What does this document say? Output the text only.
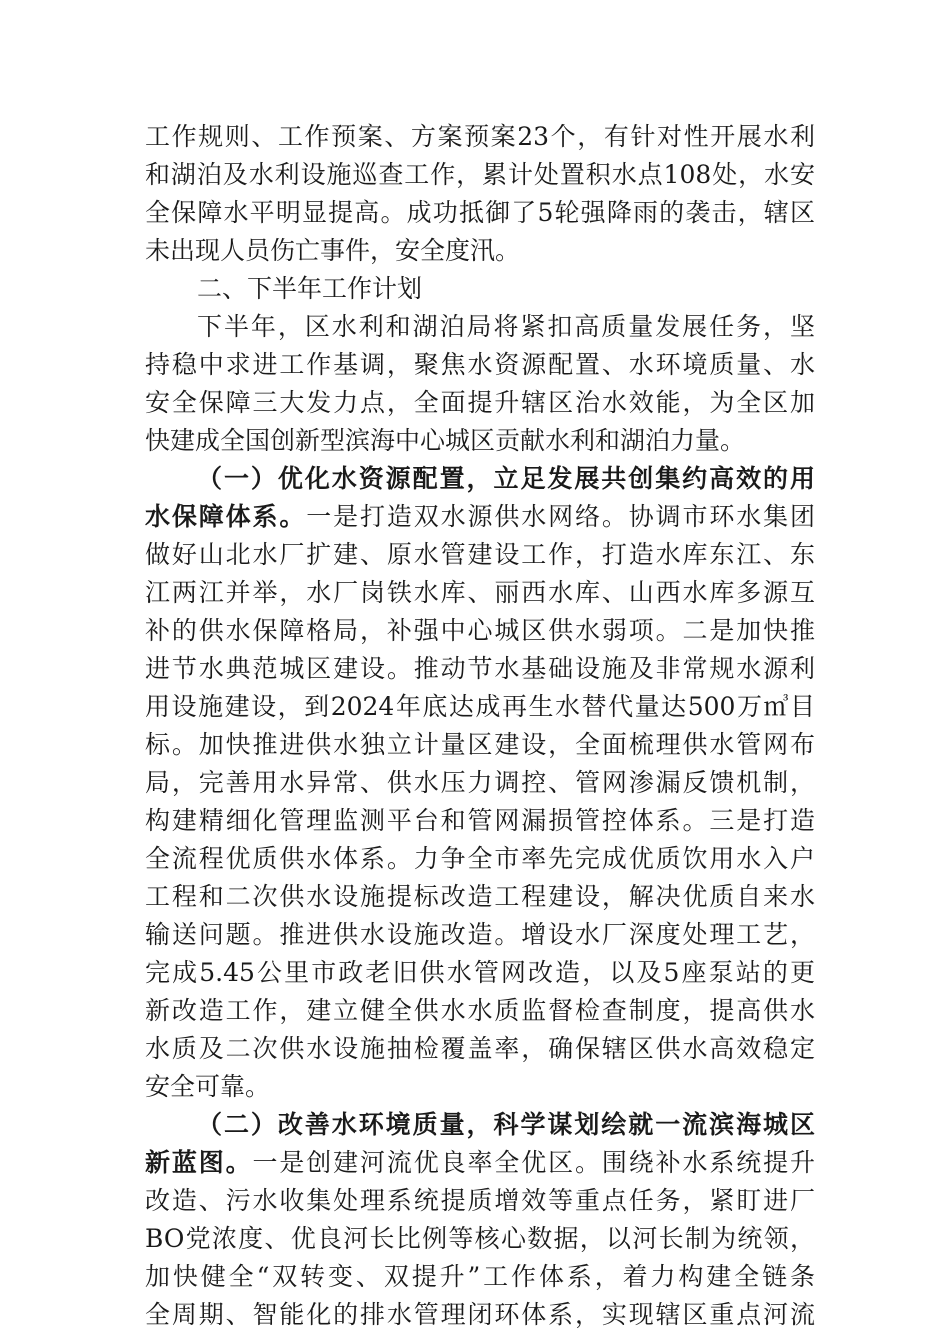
工作规则、工作预案、方案预案23个，有针对性开展水利
和湖泊及水利设施巡查工作，累计处置积水点108处，水安
全保障水平明显提高。成功抵御了5轮强降雨的袭击，辖区
未出现人员伤亡事件，安全度汛。
二、下半年工作计划
下半年，区水利和湖泊局将紧扣高质量发展任务，坚
持稳中求进工作基调，聚焦水资源配置、水环境质量、水
安全保障三大发力点，全面提升辖区治水效能，为全区加
快建成全国创新型滨海中心城区贡献水利和湖泊力量。
（一）优化水资源配置，立足发展共创集约高效的用
水保障体系。一是打造双水源供水网络。协调市环水集团
做好山北水厂扩建、原水管建设工作，打造水库东江、东
江两江并举，水厂岗铁水库、丽西水库、山西水库多源互
补的供水保障格局，补强中心城区供水弱项。二是加快推
进节水典范城区建设。推动节水基础设施及非常规水源利
用设施建设，到2024年底达成再生水替代量达500万㎥目
标。加快推进供水独立计量区建设，全面梳理供水管网布
局，完善用水异常、供水压力调控、管网渗漏反馈机制，
构建精细化管理监测平台和管网漏损管控体系。三是打造
全流程优质供水体系。力争全市率先完成优质饮用水入户
工程和二次供水设施提标改造工程建设，解决优质自来水
输送问题。推进供水设施改造。增设水厂深度处理工艺，
完成5.45公里市政老旧供水管网改造，以及5座泵站的更
新改造工作，建立健全供水水质监督检查制度，提高供水
水质及二次供水设施抽检覆盖率，确保辖区供水高效稳定
安全可靠。
（二）改善水环境质量，科学谋划绘就一流滨海城区
新蓝图。一是创建河流优良率全优区。围绕补水系统提升
改造、污水收集处理系统提质增效等重点任务，紧盯进厂
BO党浓度、优良河长比例等核心数据，以河长制为统领，
加快健全“双转变、双提升”工作体系，着力构建全链条
全周期、智能化的排水管理闭环体系，实现辖区重点河流
